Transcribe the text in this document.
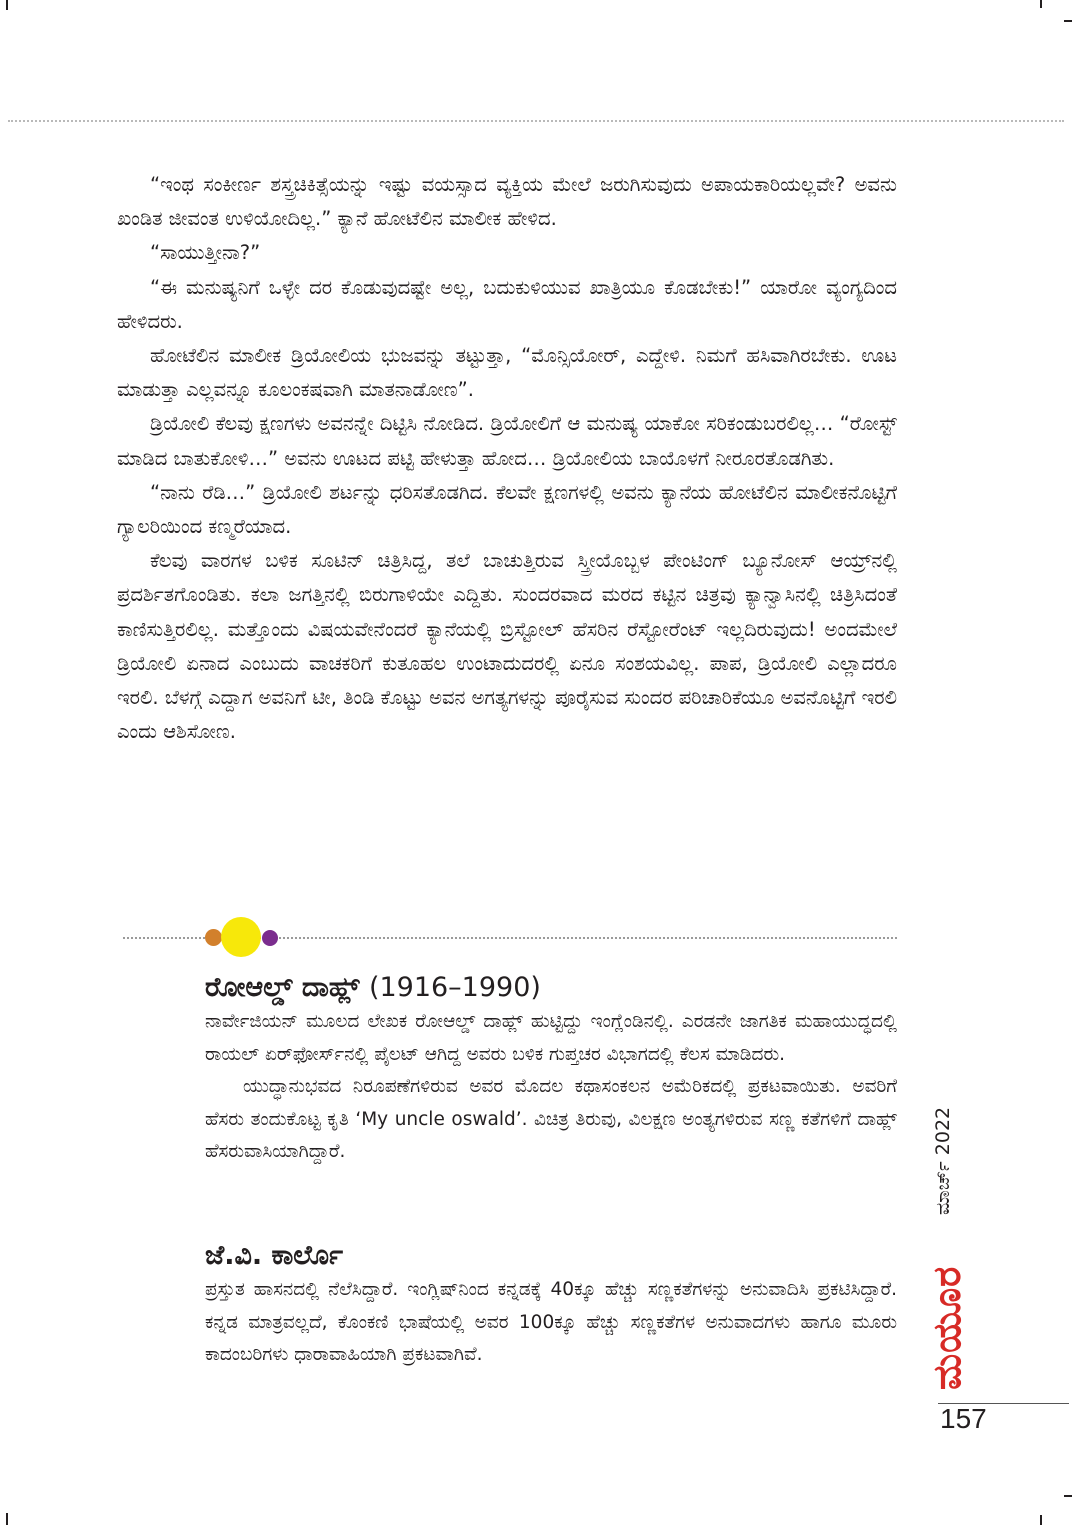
“ಇಂಥ ಸಂಕೀರ್ಣ ಶಸ್ತ್ರಚಿಕಿತ್ಸೆಯನ್ನು ಇಷ್ಟು ವಯಸ್ಸಾದ ವ್ಯಕ್ತಿಯ ಮೇಲೆ ಜರುಗಿಸುವುದು ಅಪಾಯಕಾರಿಯಲ್ಲವೇ? ಅವನು ಖಂಡಿತ ಜೀವಂತ ಉಳಿಯೋದಿಲ್ಲ.” ಕ್ಯಾನೆ ಹೋಟೆಲಿನ ಮಾಲೀಕ ಹೇಳಿದ.

“ಸಾಯುತ್ತೀನಾ?”

“ಈ ಮನುಷ್ಯನಿಗೆ ಒಳ್ಳೇ ದರ ಕೊಡುವುದಷ್ಟೇ ಅಲ್ಲ, ಬದುಕುಳಿಯುವ ಖಾತ್ರಿಯೂ ಕೊಡಬೇಕು!” ಯಾರೋ ವ್ಯಂಗ್ಯದಿಂದ ಹೇಳಿದರು.

ಹೋಟೆಲಿನ ಮಾಲೀಕ ಡ್ರಿಯೋಲಿಯ ಭುಜವನ್ನು ತಟ್ಟುತ್ತಾ, “ಮೊನ್ಸಿಯೋರ್, ಎದ್ದೇಳಿ. ನಿಮಗೆ ಹಸಿವಾಗಿರಬೇಕು. ಊಟ ಮಾಡುತ್ತಾ ಎಲ್ಲವನ್ನೂ ಕೂಲಂಕಷವಾಗಿ ಮಾತನಾಡೋಣ”.

ಡ್ರಿಯೋಲಿ ಕೆಲವು ಕ್ಷಣಗಳು ಅವನನ್ನೇ ದಿಟ್ಟಿಸಿ ನೋಡಿದ. ಡ್ರಿಯೋಲಿಗೆ ಆ ಮನುಷ್ಯ ಯಾಕೋ ಸರಿಕಂಡುಬರಲಿಲ್ಲ… “ರೋಸ್ಟ್ ಮಾಡಿದ ಬಾತುಕೋಳಿ…” ಅವನು ಊಟದ ಪಟ್ಟಿ ಹೇಳುತ್ತಾ ಹೋದ… ಡ್ರಿಯೋಲಿಯ ಬಾಯೊಳಗೆ ನೀರೂರತೊಡಗಿತು.

“ನಾನು ರೆಡಿ…” ಡ್ರಿಯೋಲಿ ಶರ್ಟನ್ನು ಧರಿಸತೊಡಗಿದ. ಕೆಲವೇ ಕ್ಷಣಗಳಲ್ಲಿ ಅವನು ಕ್ಯಾನೆಯ ಹೋಟೆಲಿನ ಮಾಲೀಕನೊಟ್ಟಿಗೆ ಗ್ಯಾಲರಿಯಿಂದ ಕಣ್ಮರೆಯಾದ.

ಕೆಲವು ವಾರಗಳ ಬಳಿಕ ಸೂಟಿನ್ ಚಿತ್ರಿಸಿದ್ದ, ತಲೆ ಬಾಚುತ್ತಿರುವ ಸ್ತ್ರೀಯೊಬ್ಬಳ ಪೇಂಟಿಂಗ್ ಬ್ಯೂನೋಸ್ ಆಯ್ರ್‌ನಲ್ಲಿ ಪ್ರದರ್ಶಿತಗೊಂಡಿತು. ಕಲಾ ಜಗತ್ತಿನಲ್ಲಿ ಬಿರುಗಾಳಿಯೇ ಎದ್ದಿತು. ಸುಂದರವಾದ ಮರದ ಕಟ್ಟಿನ ಚಿತ್ರವು ಕ್ಯಾನ್ವಾಸಿನಲ್ಲಿ ಚಿತ್ರಿಸಿದಂತೆ ಕಾಣಿಸುತ್ತಿರಲಿಲ್ಲ. ಮತ್ತೊಂದು ವಿಷಯವೇನೆಂದರೆ ಕ್ಯಾನೆಯಲ್ಲಿ ಬ್ರಿಸ್ಟೋಲ್ ಹೆಸರಿನ ರೆಸ್ಟೋರೆಂಟ್ ಇಲ್ಲದಿರುವುದು! ಅಂದಮೇಲೆ ಡ್ರಿಯೋಲಿ ಏನಾದ ಎಂಬುದು ವಾಚಕರಿಗೆ ಕುತೂಹಲ ಉಂಟಾದುದರಲ್ಲಿ ಏನೂ ಸಂಶಯವಿಲ್ಲ. ಪಾಪ, ಡ್ರಿಯೋಲಿ ಎಲ್ಲಾದರೂ ಇರಲಿ. ಬೆಳಗ್ಗೆ ಎದ್ದಾಗ ಅವನಿಗೆ ಟೀ, ತಿಂಡಿ ಕೊಟ್ಟು ಅವನ ಅಗತ್ಯಗಳನ್ನು ಪೂರೈಸುವ ಸುಂದರ ಪರಿಚಾರಿಕೆಯೂ ಅವನೊಟ್ಟಿಗೆ ಇರಲಿ ಎಂದು ಆಶಿಸೋಣ.

ರೋಆಲ್ಡ್ ದಾಹ್ಲ್ (1916–1990)

ನಾರ್ವೇಜಿಯನ್ ಮೂಲದ ಲೇಖಕ ರೋಆಲ್ಡ್ ದಾಹ್ಲ್ ಹುಟ್ಟಿದ್ದು ಇಂಗ್ಲೆಂಡಿನಲ್ಲಿ. ಎರಡನೇ ಜಾಗತಿಕ ಮಹಾಯುದ್ಧದಲ್ಲಿ ರಾಯಲ್ ಏರ್‌ಫೋರ್ಸ್‌ನಲ್ಲಿ ಪೈಲಟ್ ಆಗಿದ್ದ ಅವರು ಬಳಿಕ ಗುಪ್ತಚರ ವಿಭಾಗದಲ್ಲಿ ಕೆಲಸ ಮಾಡಿದರು.

ಯುದ್ಧಾನುಭವದ ನಿರೂಪಣೆಗಳಿರುವ ಅವರ ಮೊದಲ ಕಥಾಸಂಕಲನ ಅಮೆರಿಕದಲ್ಲಿ ಪ್ರಕಟವಾಯಿತು. ಅವರಿಗೆ ಹೆಸರು ತಂದುಕೊಟ್ಟ ಕೃತಿ ‘My uncle oswald’. ವಿಚಿತ್ರ ತಿರುವು, ವಿಲಕ್ಷಣ ಅಂತ್ಯಗಳಿರುವ ಸಣ್ಣ ಕತೆಗಳಿಗೆ ದಾಹ್ಲ್ ಹೆಸರುವಾಸಿಯಾಗಿದ್ದಾರೆ.

ಜೆ.ವಿ. ಕಾರ್ಲೊ

ಪ್ರಸ್ತುತ ಹಾಸನದಲ್ಲಿ ನೆಲೆಸಿದ್ದಾರೆ. ಇಂಗ್ಲಿಷ್‌ನಿಂದ ಕನ್ನಡಕ್ಕೆ 40ಕ್ಕೂ ಹೆಚ್ಚು ಸಣ್ಣಕತೆಗಳನ್ನು ಅನುವಾದಿಸಿ ಪ್ರಕಟಿಸಿದ್ದಾರೆ. ಕನ್ನಡ ಮಾತ್ರವಲ್ಲದೆ, ಕೊಂಕಣಿ ಭಾಷೆಯಲ್ಲಿ ಅವರ 100ಕ್ಕೂ ಹೆಚ್ಚು ಸಣ್ಣಕತೆಗಳ ಅನುವಾದಗಳು ಹಾಗೂ ಮೂರು ಕಾದಂಬರಿಗಳು ಧಾರಾವಾಹಿಯಾಗಿ ಪ್ರಕಟವಾಗಿವೆ.

ಮಾರ್ಚ್ 2022
ಮಯೂರ
157
